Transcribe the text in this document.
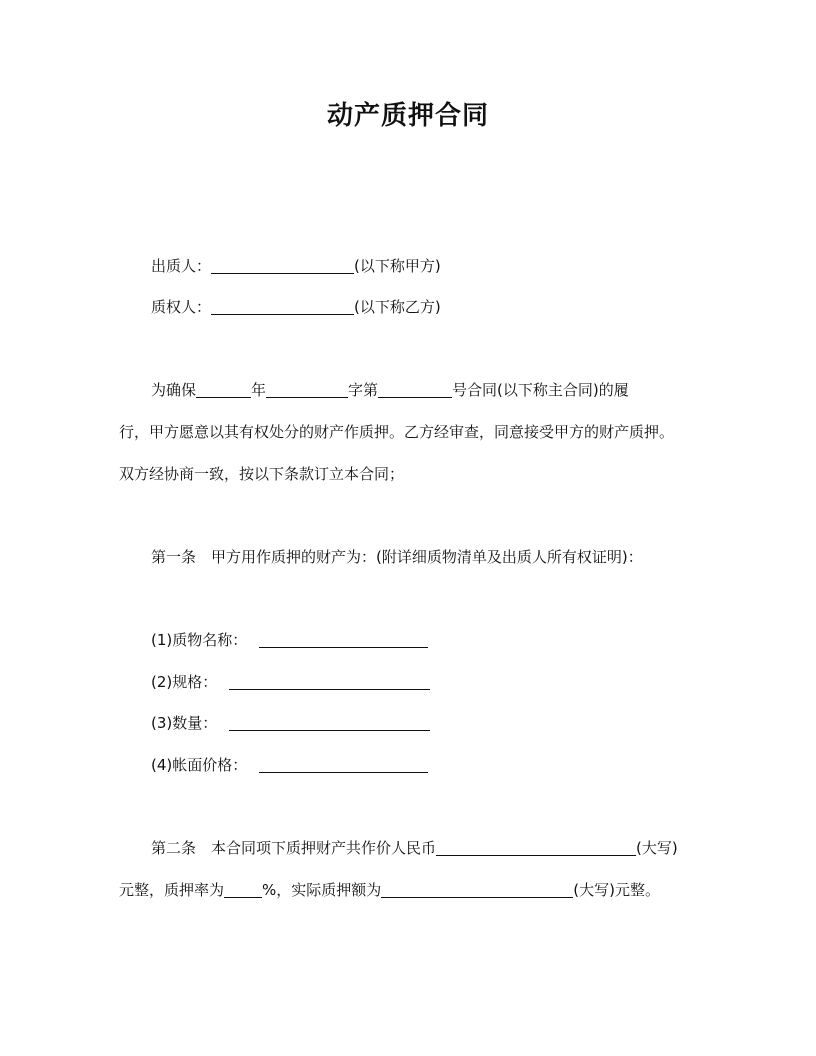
动产质押合同
出质人：	(以下称甲方)
质权人：	(以下称乙方)
为确保	年	字第	号合同(以下称主合同)的履
行，甲方愿意以其有权处分的财产作质押。乙方经审查，同意接受甲方的财产质押。
双方经协商一致，按以下条款订立本合同；
第一条　甲方用作质押的财产为：(附详细质物清单及出质人所有权证明)：
(1)质物名称：
(2)规格：
(3)数量：
(4)帐面价格：
第二条　本合同项下质押财产共作价人民币	(大写)
元整，质押率为	%，实际质押额为	(大写)元整。
